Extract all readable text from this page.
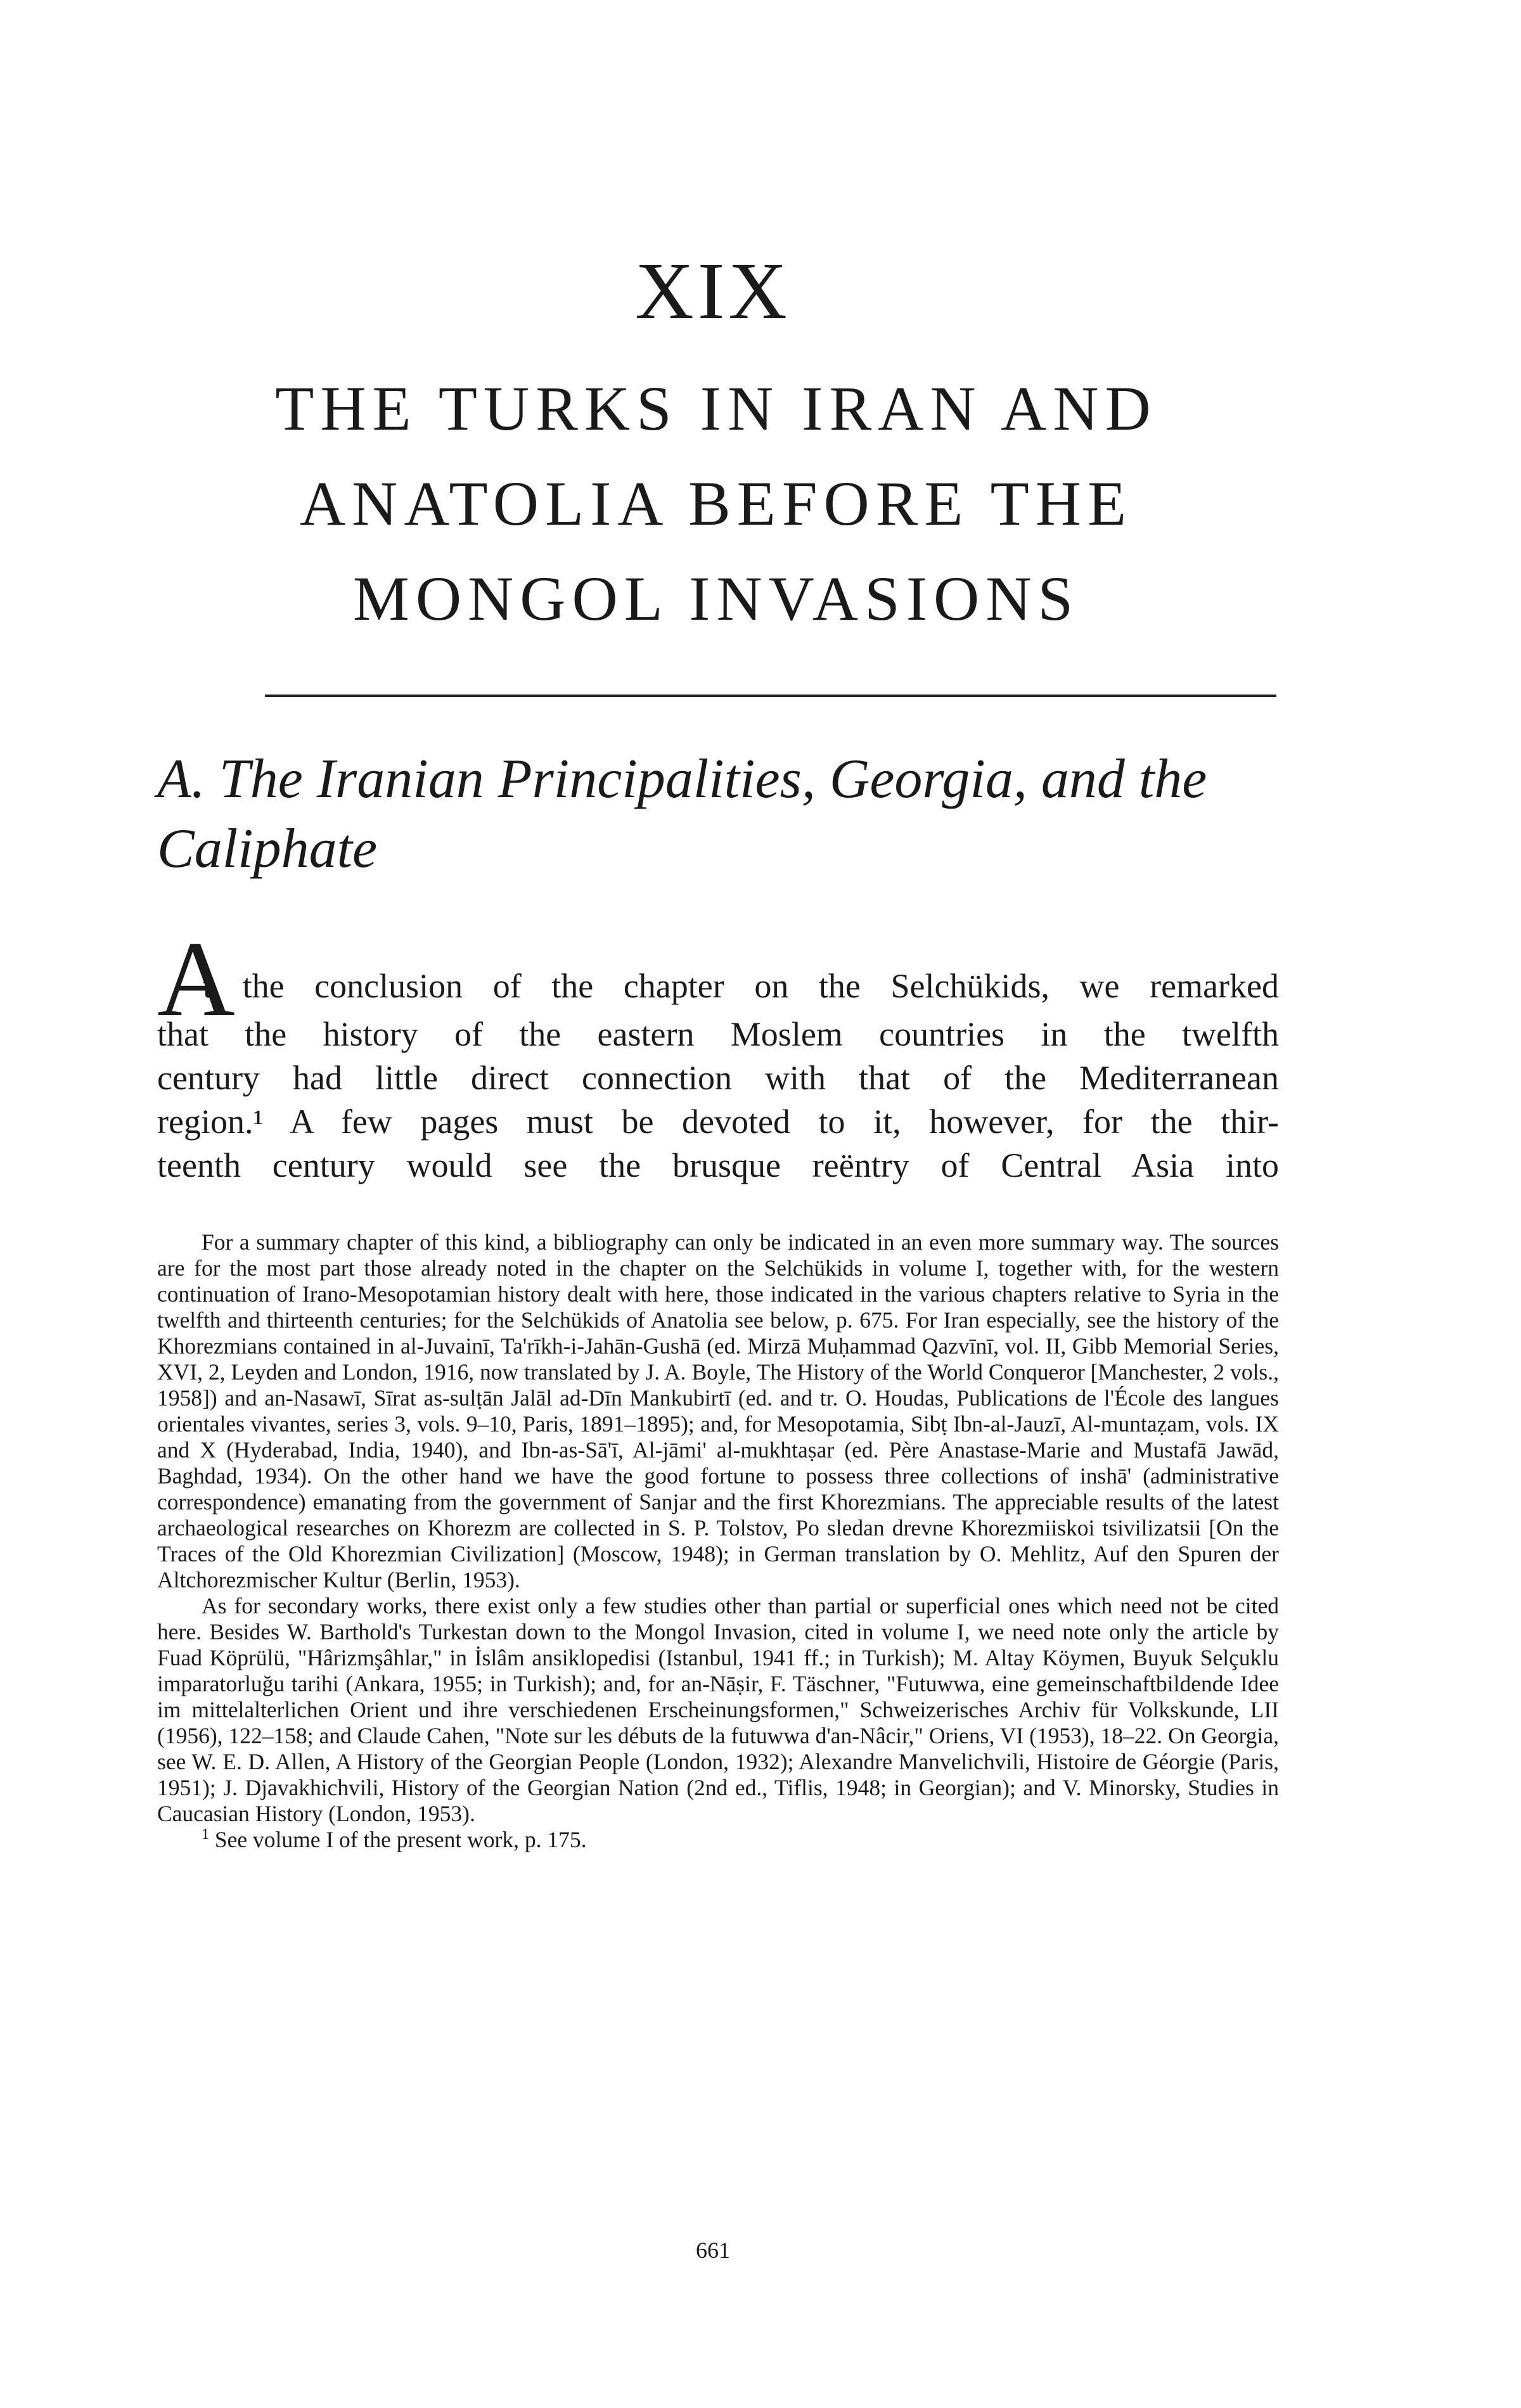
XIX
THE TURKS IN IRAN AND
ANATOLIA BEFORE THE
MONGOL INVASIONS
A. The Iranian Principalities, Georgia, and the
Caliphate
A
t the conclusion of the chapter on the Selchükids, we remarked
that the history of the eastern Moslem countries in the twelfth
century had little direct connection with that of the Mediterranean
region.¹ A few pages must be devoted to it, however, for the thir-
teenth century would see the brusque reëntry of Central Asia into

For a summary chapter of this kind, a bibliography can only be indicated in an even more summary way. The sources are for the most part those already noted in the chapter on the Selchükids in volume I, together with, for the western continuation of Irano-Mesopotamian history dealt with here, those indicated in the various chapters relative to Syria in the twelfth and thirteenth centuries; for the Selchükids of Anatolia see below, p. 675. For Iran especially, see the history of the Khorezmians contained in al-Juvainī, Ta'rīkh-i-Jahān-Gushā (ed. Mirzā Muḥammad Qazvīnī, vol. II, Gibb Memorial Series, XVI, 2, Leyden and London, 1916, now translated by J. A. Boyle, The History of the World Conqueror [Manchester, 2 vols., 1958]) and an-Nasawī, Sīrat as-sulṭān Jalāl ad-Dīn Mankubirtī (ed. and tr. O. Houdas, Publications de l'École des langues orientales vivantes, series 3, vols. 9–10, Paris, 1891–1895); and, for Mesopotamia, Sibṭ Ibn-al-Jauzī, Al-muntaẓam, vols. IX and X (Hyderabad, India, 1940), and Ibn-as-Sā'ī, Al-jāmi' al-mukhtaṣar (ed. Père Anastase-Marie and Mustafā Jawād, Baghdad, 1934). On the other hand we have the good fortune to possess three collections of inshā' (administrative correspondence) emanating from the government of Sanjar and the first Khorezmians. The appreciable results of the latest archaeological researches on Khorezm are collected in S. P. Tolstov, Po sledan drevne Khorezmiiskoi tsivilizatsii [On the Traces of the Old Khorezmian Civilization] (Moscow, 1948); in German translation by O. Mehlitz, Auf den Spuren der Altchorezmischer Kultur (Berlin, 1953).

As for secondary works, there exist only a few studies other than partial or superficial ones which need not be cited here. Besides W. Barthold's Turkestan down to the Mongol Invasion, cited in volume I, we need note only the article by Fuad Köprülü, "Hârizmşâhlar," in İslâm ansiklopedisi (Istanbul, 1941 ff.; in Turkish); M. Altay Köymen, Buyuk Selçuklu imparatorluğu tarihi (Ankara, 1955; in Turkish); and, for an-Nāṣir, F. Täschner, "Futuwwa, eine gemeinschaftbildende Idee im mittelalterlichen Orient und ihre verschiedenen Erscheinungsformen," Schweizerisches Archiv für Volkskunde, LII (1956), 122–158; and Claude Cahen, "Note sur les débuts de la futuwwa d'an-Nâcir," Oriens, VI (1953), 18–22. On Georgia, see W. E. D. Allen, A History of the Georgian People (London, 1932); Alexandre Manvelichvili, Histoire de Géorgie (Paris, 1951); J. Djavakhichvili, History of the Georgian Nation (2nd ed., Tiflis, 1948; in Georgian); and V. Minorsky, Studies in Caucasian History (London, 1953).

$^1$ See volume I of the present work, p. 175.

661
